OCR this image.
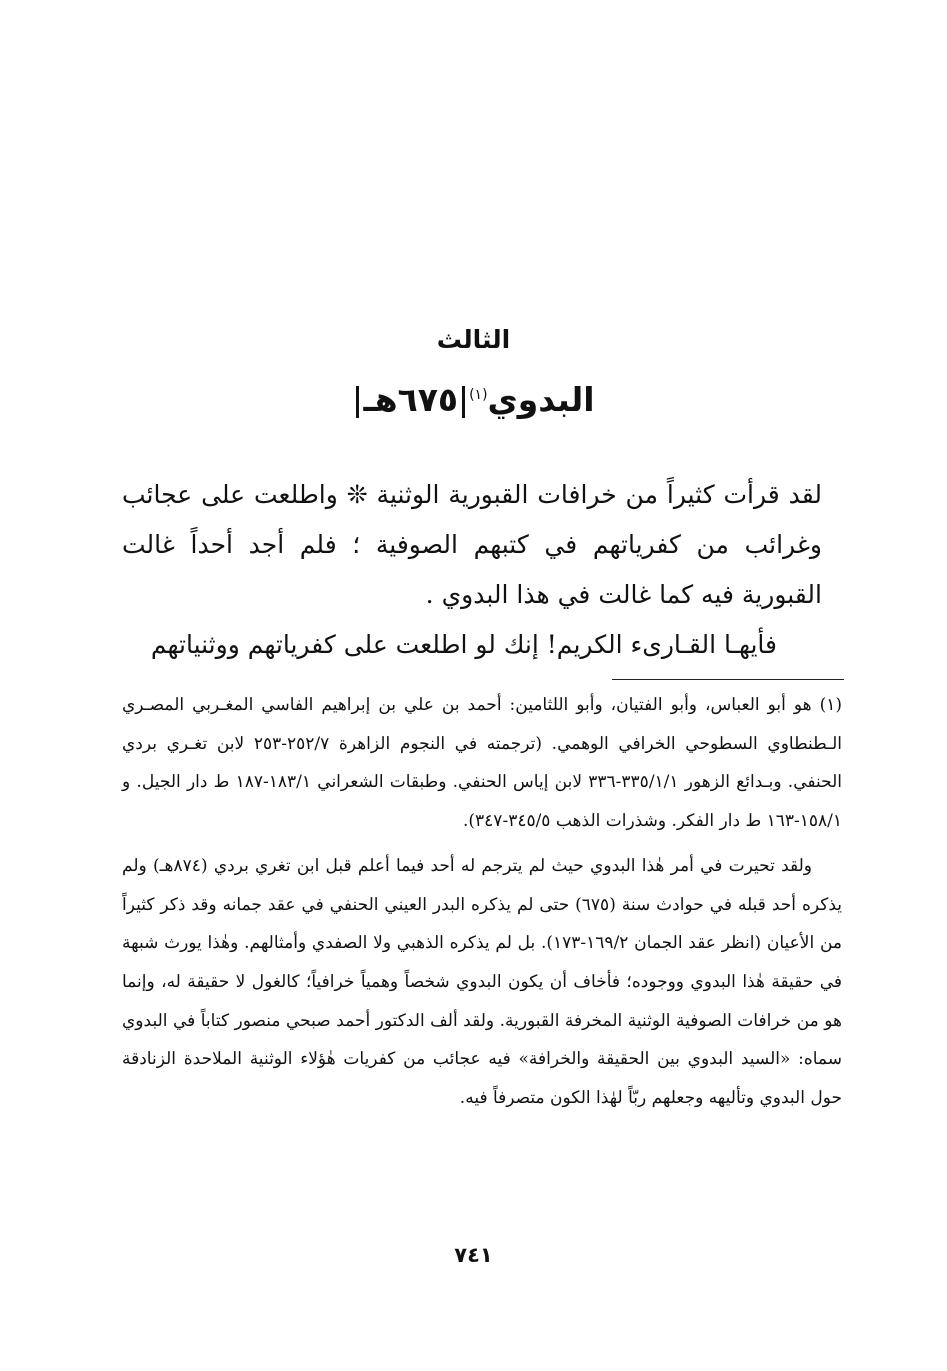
الثالث
البدوي$^{(١)}$٦٧٥هـ

لقد قرأت كثيراً من خرافات القبورية الوثنية ❊ واطلعت على عجائب وغرائب من كفرياتهم في كتبهم الصوفية ؛ فلم أجد أحداً غالت القبورية فيه كما غالت في هذا البدوي .

فأيهـا القـارىء الكريم! إنك لو اطلعت على كفرياتهم ووثنياتهم

(١) هو أبو العباس، وأبو الفتيان، وأبو اللثامين: أحمد بن علي بن إبراهيم الفاسي المغـربي المصـري الـطنطاوي السطوحي الخرافي الوهمي. (ترجمته في النجوم الزاهرة ٢٥٢/٧-٢٥٣ لابن تغـري بردي الحنفي. وبـدائع الزهور ٣٣٥/١/١-٣٣٦ لابن إياس الحنفي. وطبقات الشعراني ١٨٣/١-١٨٧ ط دار الجيل. و ١٥٨/١-١٦٣ ط دار الفكر. وشذرات الذهب ٣٤٥/٥-٣٤٧).

ولقد تحيرت في أمر هٰذا البدوي حيث لم يترجم له أحد فيما أعلم قبل ابن تغري بردي (٨٧٤هـ) ولم يذكره أحد قبله في حوادث سنة (٦٧٥) حتى لم يذكره البدر العيني الحنفي في عقد جمانه وقد ذكر كثيراً من الأعيان (انظر عقد الجمان ١٦٩/٢-١٧٣). بل لم يذكره الذهبي ولا الصفدي وأمثالهم. وهٰذا يورث شبهة في حقيقة هٰذا البدوي ووجوده؛ فأخاف أن يكون البدوي شخصاً وهمياً خرافياً؛ كالغول لا حقيقة له، وإنما هو من خرافات الصوفية الوثنية المخرفة القبورية. ولقد ألف الدكتور أحمد صبحي منصور كتاباً في البدوي سماه: «السيد البدوي بين الحقيقة والخرافة» فيه عجائب من كفريات هٰؤلاء الوثنية الملاحدة الزنادقة حول البدوي وتأليهه وجعلهم ربّاً لهٰذا الكون متصرفاً فيه.

٧٤١
